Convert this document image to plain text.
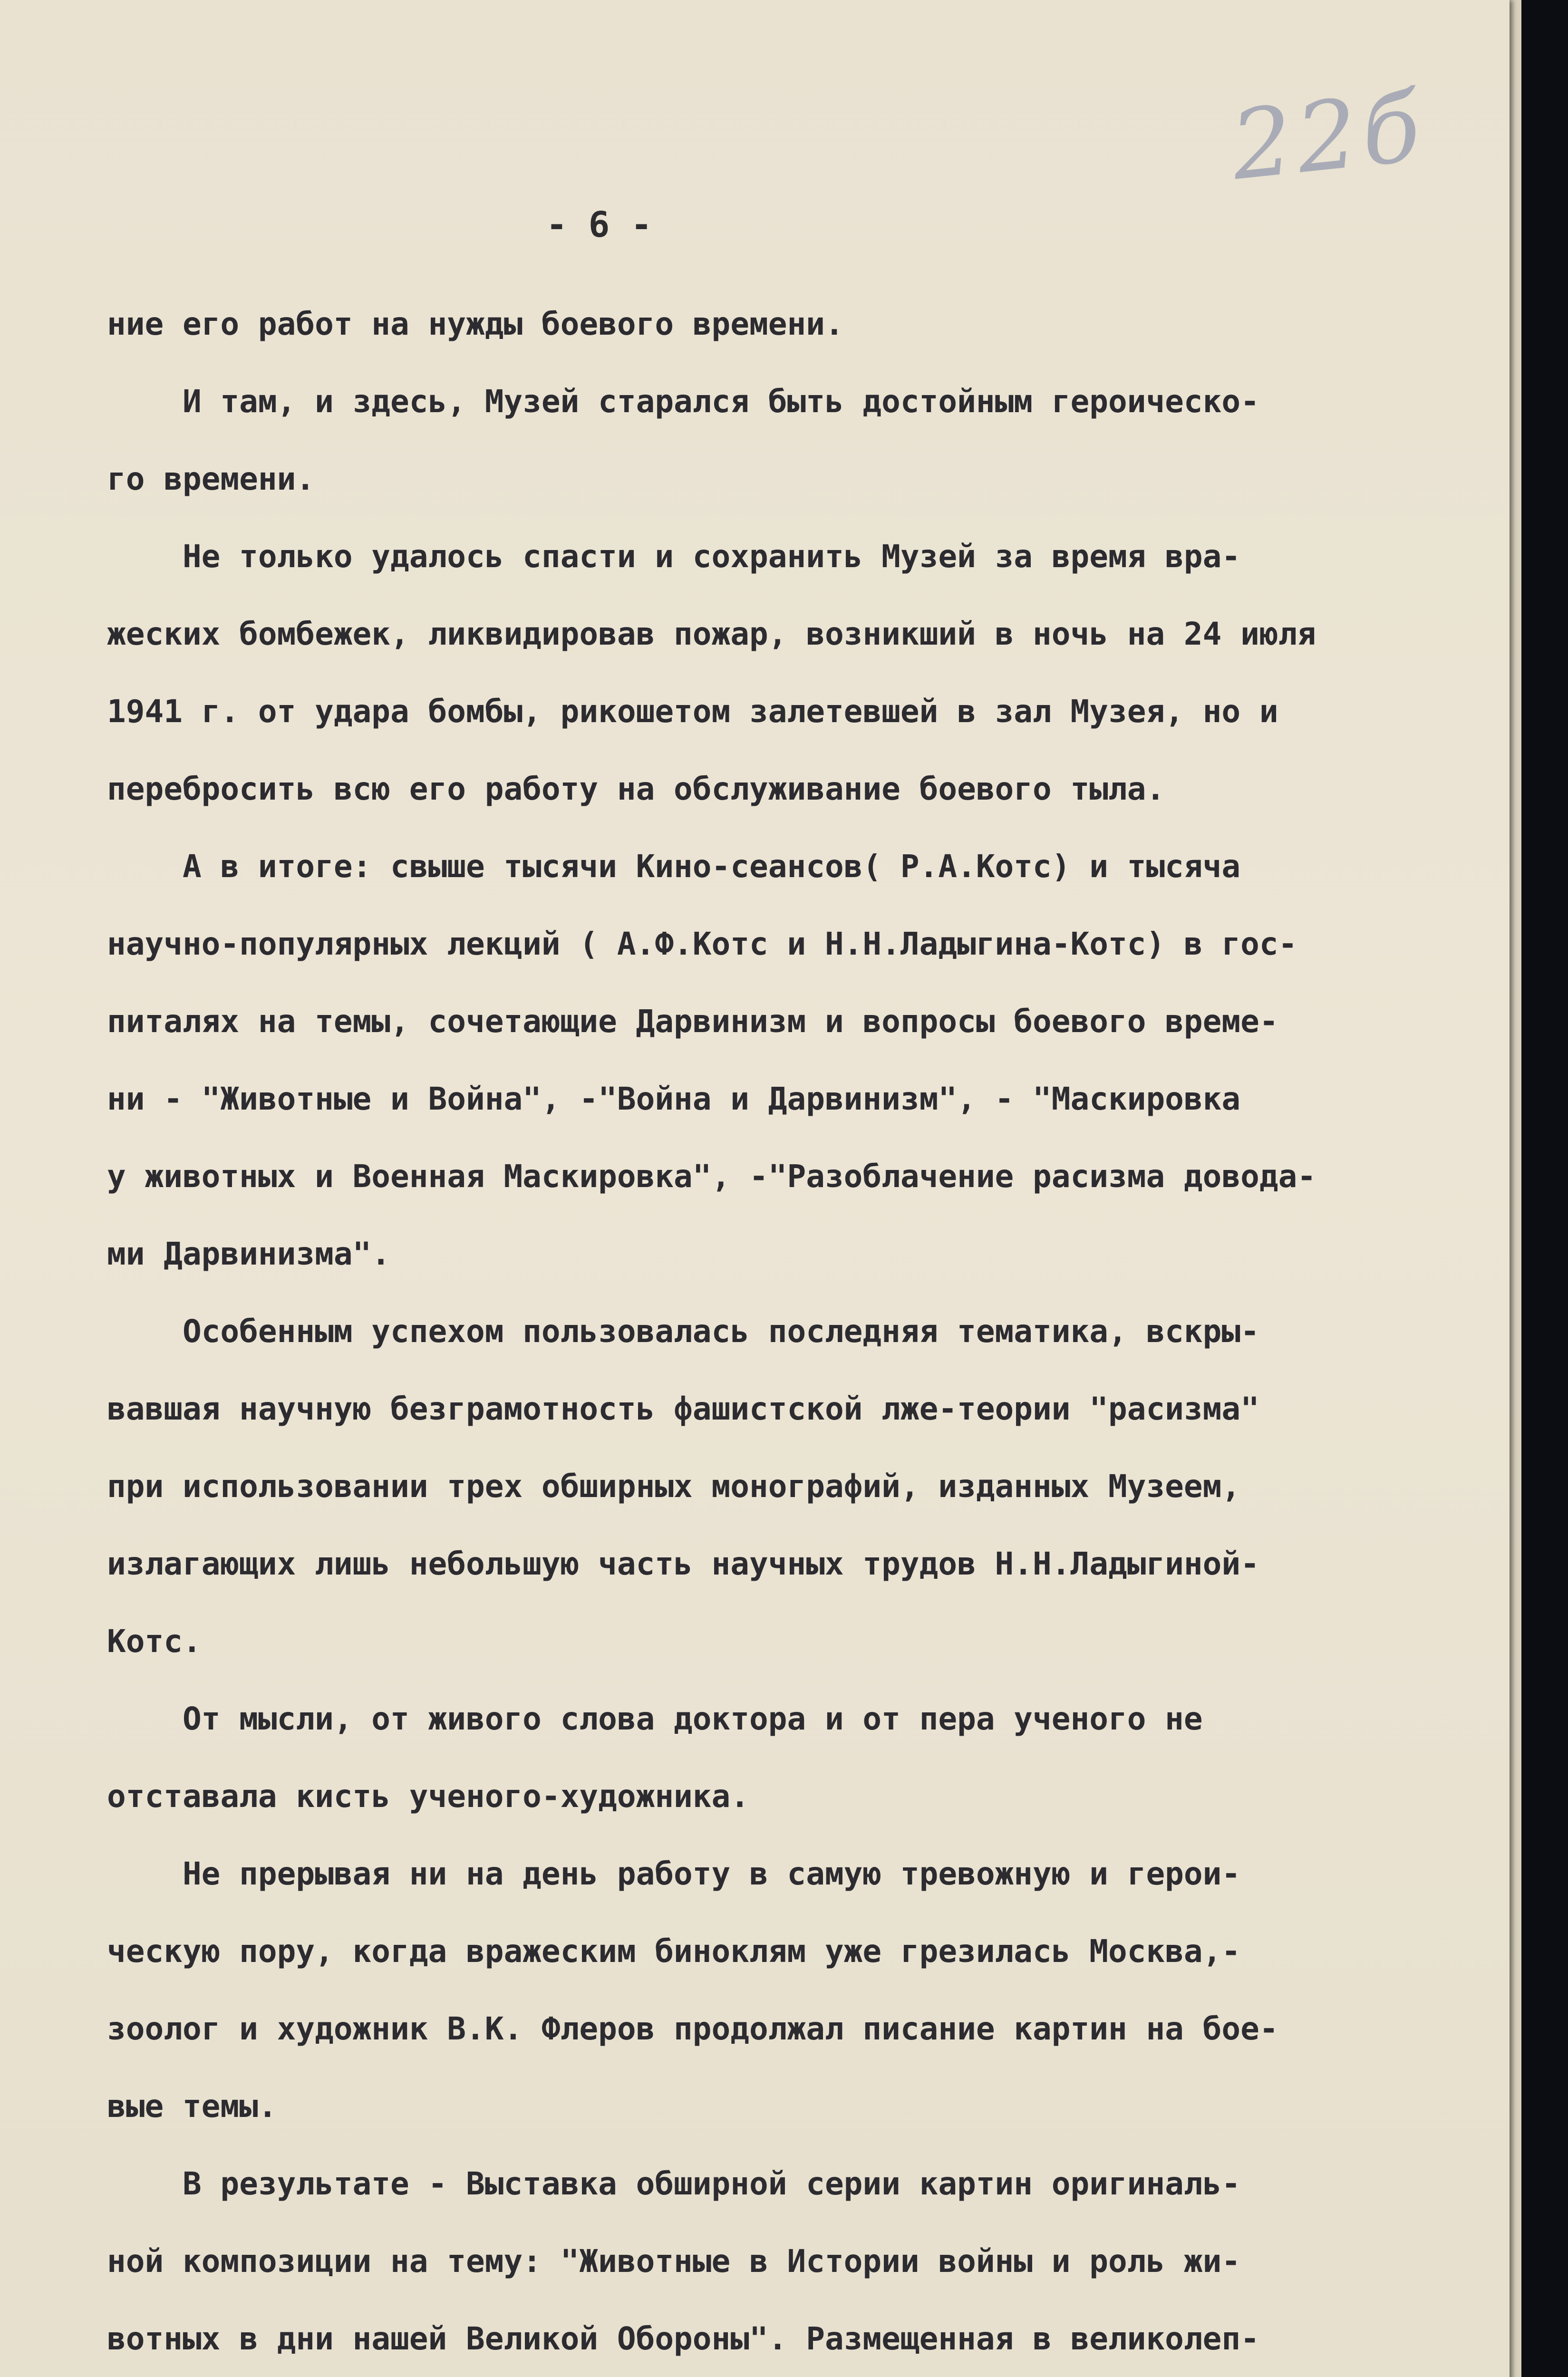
22б
- 6 -
ние его работ на нужды боевого времени.
И там, и здесь, Музей старался быть достойным героическо-
го времени.
Не только удалось спасти и сохранить Музей за время вра-
жеских бомбежек, ликвидировав пожар, возникший в ночь на 24 июля
1941 г. от удара бомбы, рикошетом залетевшей в зал Музея, но и
перебросить всю его работу на обслуживание боевого тыла.
А в итоге: свыше тысячи Кино-сеансов( Р.А.Котс) и тысяча
научно-популярных лекций ( А.Ф.Котс и Н.Н.Ладыгина-Котс) в гос-
питалях на темы, сочетающие Дарвинизм и вопросы боевого време-
ни - "Животные и Война", -"Война и Дарвинизм", - "Маскировка
у животных и Военная Маскировка", -"Разоблачение расизма довода-
ми Дарвинизма".
Особенным успехом пользовалась последняя тематика, вскры-
вавшая научную безграмотность фашистской лже-теории "расизма"
при использовании трех обширных монографий, изданных Музеем,
излагающих лишь небольшую часть научных трудов Н.Н.Ладыгиной-
Котс.
От мысли, от живого слова доктора и от пера ученого не
отставала кисть ученого-художника.
Не прерывая ни на день работу в самую тревожную и герои-
ческую пору, когда вражеским биноклям уже грезилась Москва,-
зоолог и художник В.К. Флеров продолжал писание картин на бое-
вые темы.
В результате - Выставка обширной серии картин оригиналь-
ной композиции на тему: "Животные в Истории войны и роль жи-
вотных в дни нашей Великой Обороны". Размещенная в великолеп-
